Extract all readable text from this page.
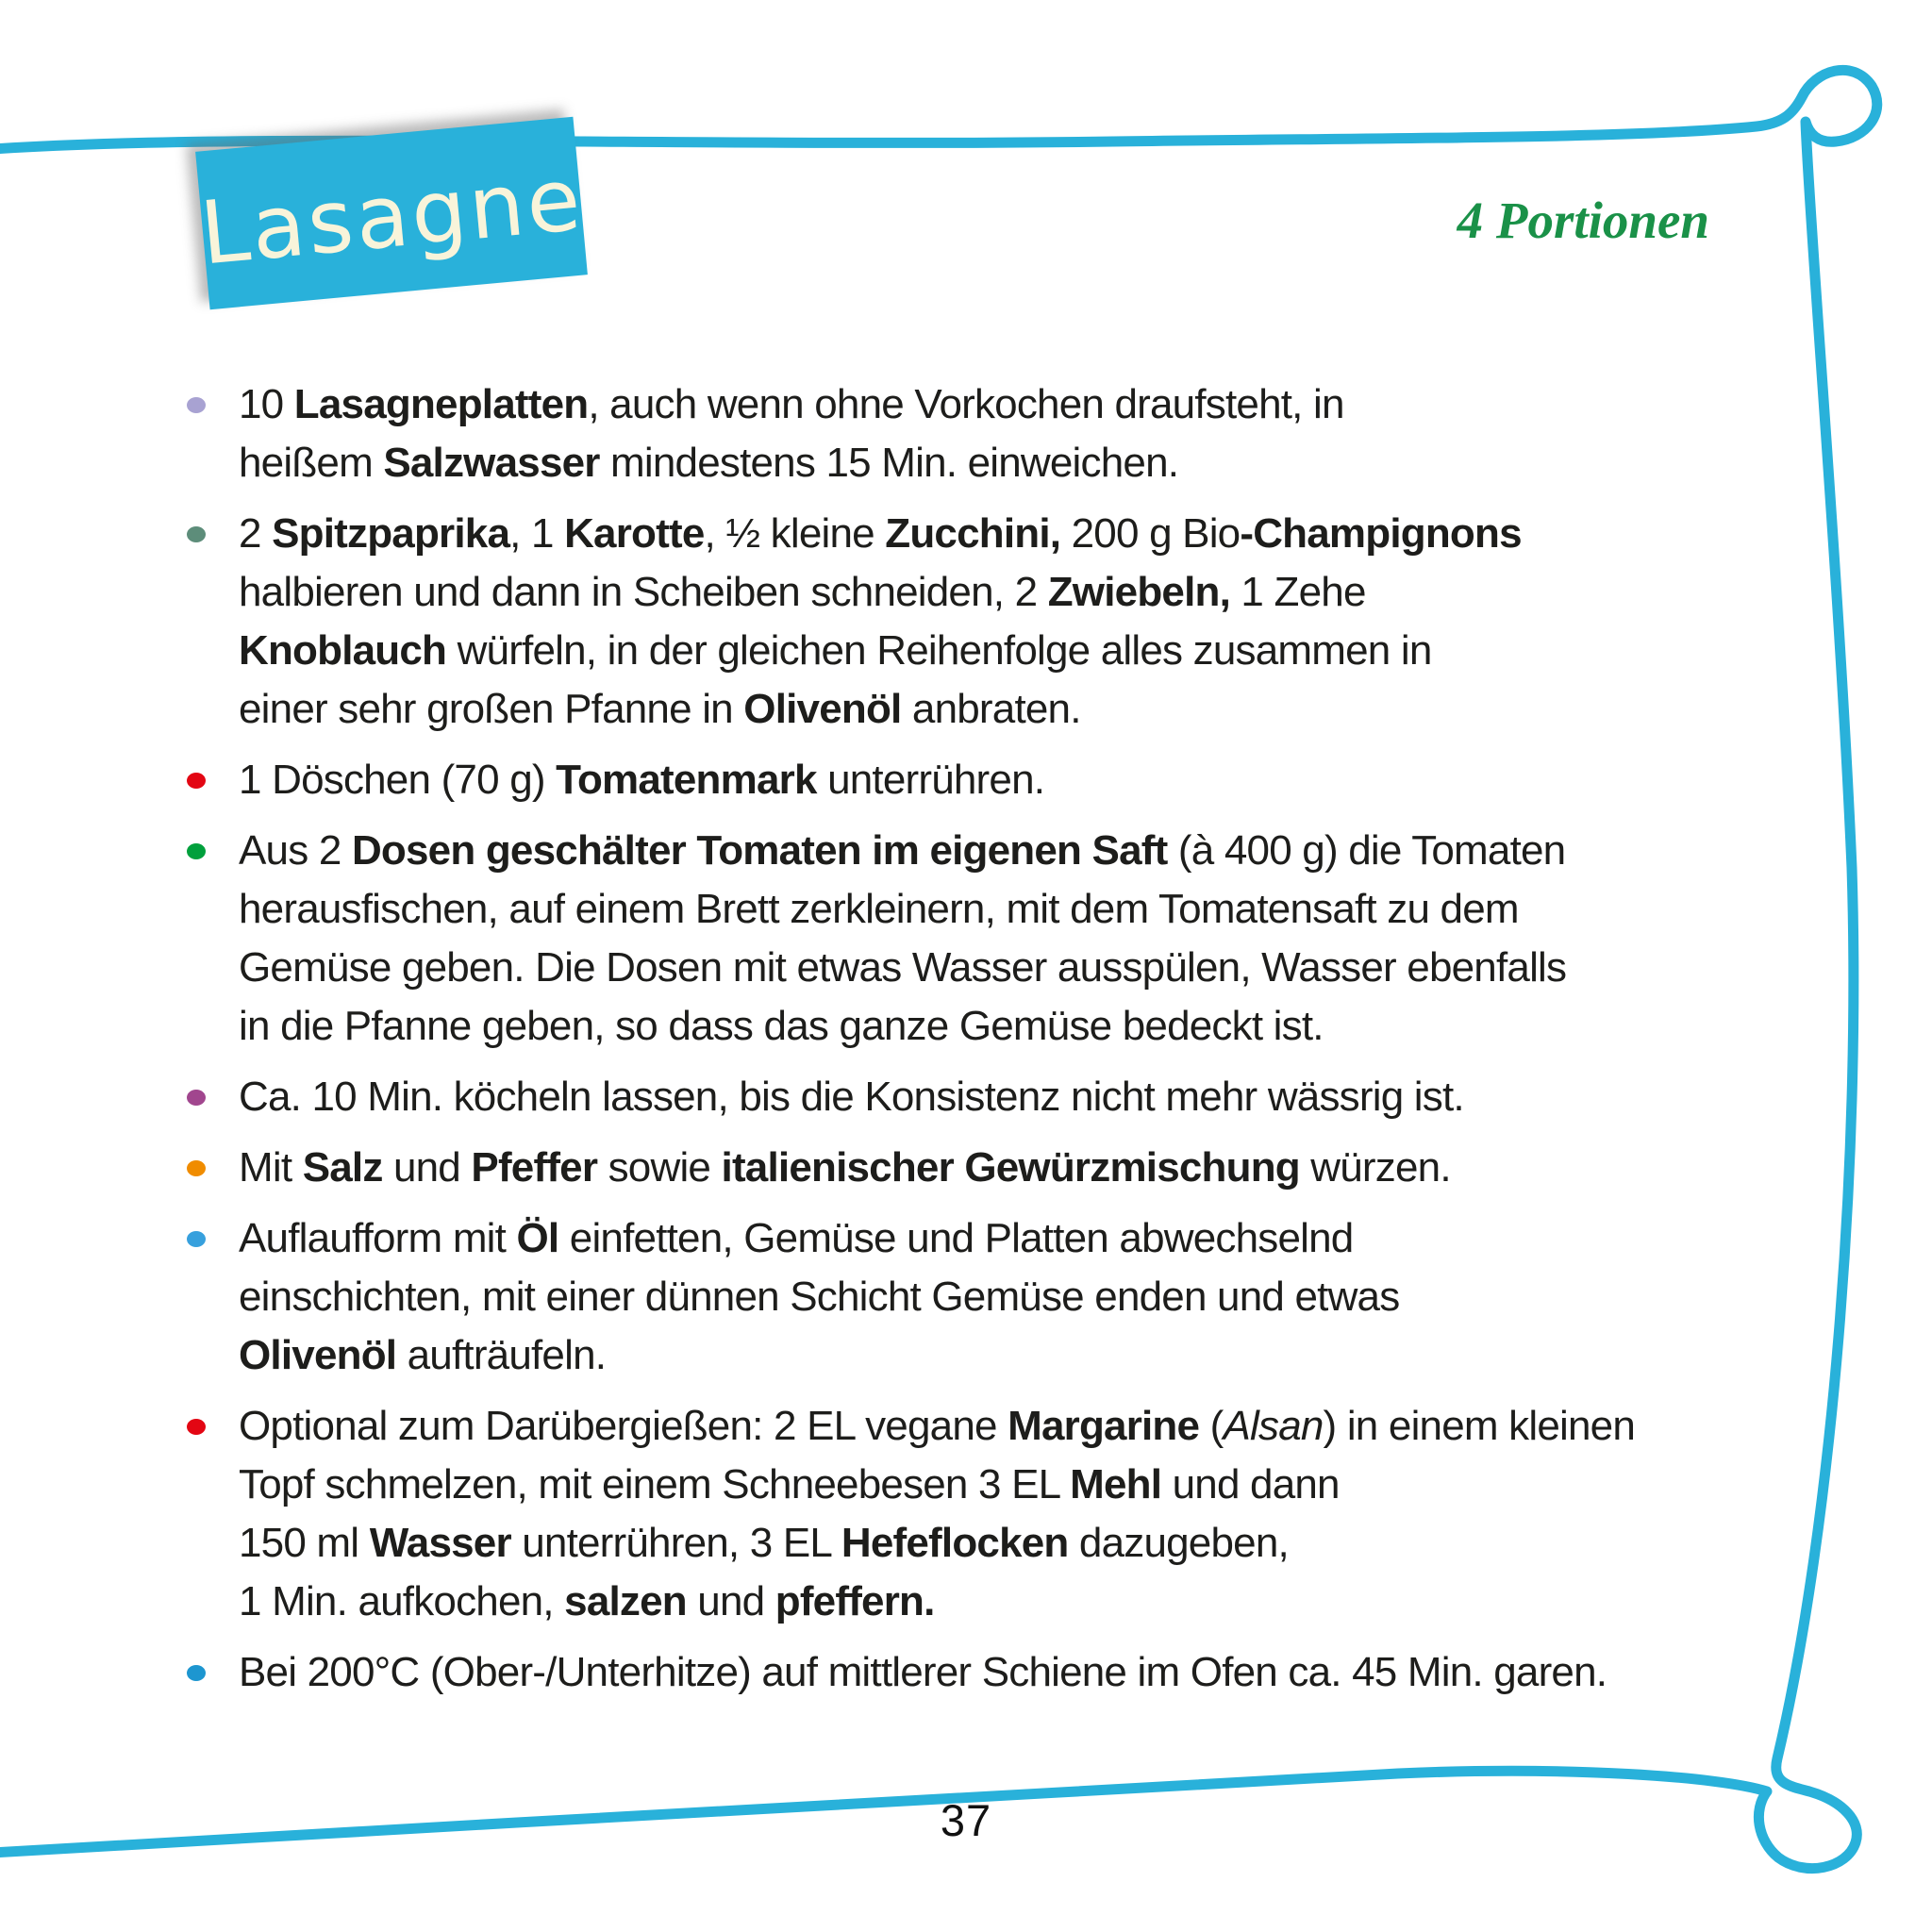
Lasagne	4 Portionen
10 Lasagneplatten, auch wenn ohne Vorkochen draufsteht, in
heißem Salzwasser mindestens 15 Min. einweichen.
2 Spitzpaprika, 1 Karotte, ½ kleine Zucchini, 200 g Bio-Champignons
halbieren und dann in Scheiben schneiden, 2 Zwiebeln, 1 Zehe
Knoblauch würfeln, in der gleichen Reihenfolge alles zusammen in
einer sehr großen Pfanne in Olivenöl anbraten.
1 Döschen (70 g) Tomatenmark unterrühren.
Aus 2 Dosen geschälter Tomaten im eigenen Saft (à 400 g) die Tomaten
herausfischen, auf einem Brett zerkleinern, mit dem Tomatensaft zu dem
Gemüse geben. Die Dosen mit etwas Wasser ausspülen, Wasser ebenfalls
in die Pfanne geben, so dass das ganze Gemüse bedeckt ist.
Ca. 10 Min. köcheln lassen, bis die Konsistenz nicht mehr wässrig ist.
Mit Salz und Pfeffer sowie italienischer Gewürzmischung würzen.
Auflaufform mit Öl einfetten, Gemüse und Platten abwechselnd
einschichten, mit einer dünnen Schicht Gemüse enden und etwas
Olivenöl aufträufeln.
Optional zum Darübergießen: 2 EL vegane Margarine (Alsan) in einem kleinen
Topf schmelzen, mit einem Schneebesen 3 EL Mehl und dann
150 ml Wasser unterrühren, 3 EL Hefeflocken dazugeben,
1 Min. aufkochen, salzen und pfeffern.
Bei 200°C (Ober-/Unterhitze) auf mittlerer Schiene im Ofen ca. 45 Min. garen.
37
